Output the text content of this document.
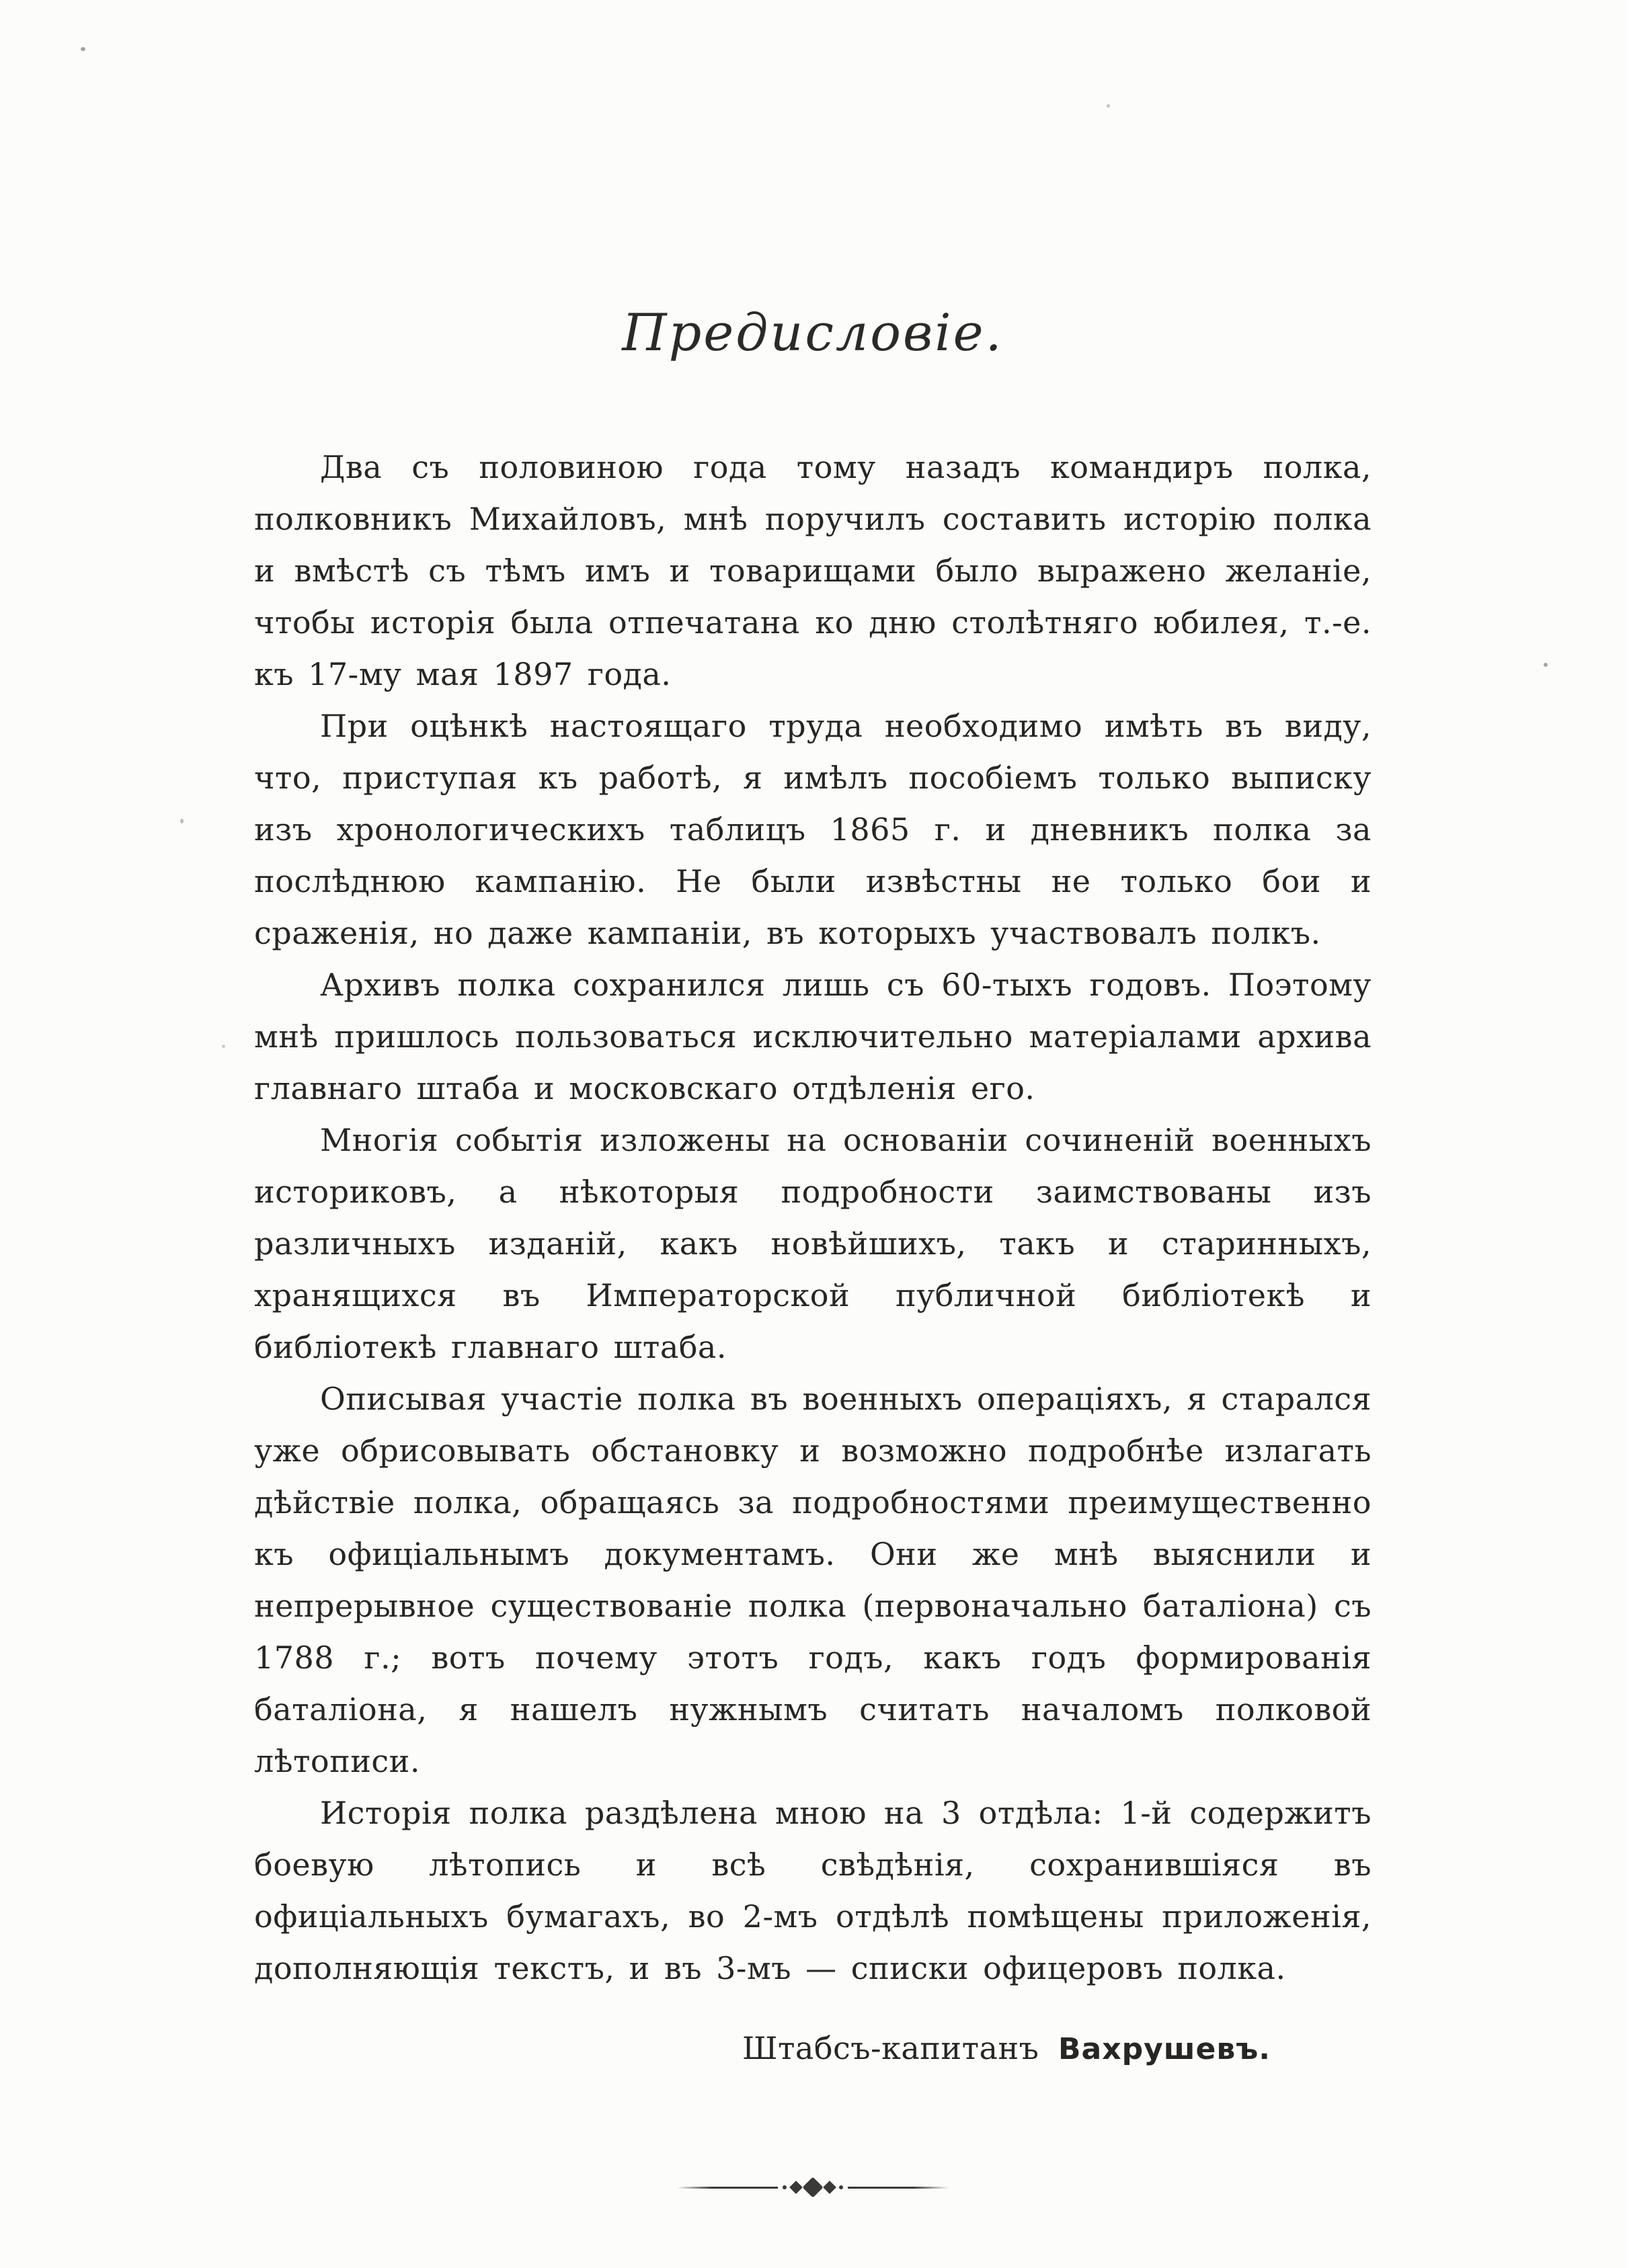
Предисловіе.

Два съ половиною года тому назадъ командиръ полка, полковникъ Михайловъ, мнѣ поручилъ составить исторію полка и вмѣстѣ съ тѣмъ имъ и товарищами было выражено желаніе, чтобы исторія была отпечатана ко дню столѣтняго юбилея, т.-е. къ 17-му мая 1897 года.

При оцѣнкѣ настоящаго труда необходимо имѣть въ виду, что, приступая къ работѣ, я имѣлъ пособіемъ только выписку изъ хронологическихъ таблицъ 1865 г. и дневникъ полка за послѣднюю кампанію. Не были извѣстны не только бои и сраженія, но даже кампаніи, въ которыхъ участвовалъ полкъ.

Архивъ полка сохранился лишь съ 60-тыхъ годовъ. Поэтому мнѣ пришлось пользоваться исключительно матеріалами архива главнаго штаба и московскаго отдѣленія его.

Многія событія изложены на основаніи сочиненій военныхъ историковъ, а нѣкоторыя подробности заимствованы изъ различныхъ изданій, какъ новѣйшихъ, такъ и старинныхъ, хранящихся въ Императорской публичной библіотекѣ и библіотекѣ главнаго штаба.

Описывая участіе полка въ военныхъ операціяхъ, я старался уже обрисовывать обстановку и возможно подробнѣе излагать дѣйствіе полка, обращаясь за подробностями преимущественно къ офиціальнымъ документамъ. Они же мнѣ выяснили и непрерывное существованіе полка (первоначально баталіона) съ 1788 г.; вотъ почему этотъ годъ, какъ годъ формированія баталіона, я нашелъ нужнымъ считать началомъ полковой лѣтописи.

Исторія полка раздѣлена мною на 3 отдѣла: 1-й содержитъ боевую лѣтопись и всѣ свѣдѣнія, сохранившіяся въ офиціальныхъ бумагахъ, во 2-мъ отдѣлѣ помѣщены приложенія, дополняющія текстъ, и въ 3-мъ — списки офицеровъ полка.

Штабсъ-капитанъ Вахрушевъ.
